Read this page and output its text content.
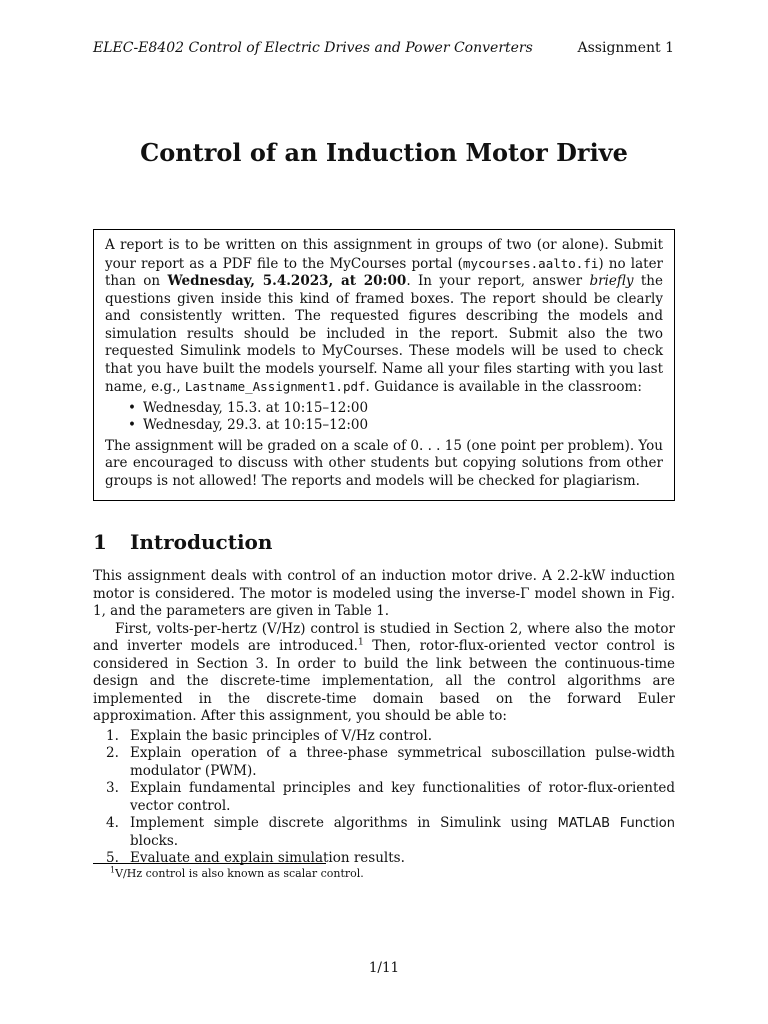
ELEC-E8402 Control of Electric Drives and Power Converters	Assignment 1
Control of an Induction Motor Drive

A report is to be written on this assignment in groups of two (or alone). Submit your report as a PDF file to the MyCourses portal (mycourses.aalto.fi) no later than on Wednesday, 5.4.2023, at 20:00. In your report, answer briefly the questions given inside this kind of framed boxes. The report should be clearly and consistently written. The requested figures describing the models and simulation results should be included in the report. Submit also the two requested Simulink models to MyCourses. These models will be used to check that you have built the models yourself. Name all your files starting with you last name, e.g., Lastname_Assignment1.pdf. Guidance is available in the classroom:

• Wednesday, 15.3. at 10:15–12:00
• Wednesday, 29.3. at 10:15–12:00

The assignment will be graded on a scale of 0. . . 15 (one point per problem). You are encouraged to discuss with other students but copying solutions from other groups is not allowed! The reports and models will be checked for plagiarism.

1	Introduction

This assignment deals with control of an induction motor drive. A 2.2-kW induction motor is considered. The motor is modeled using the inverse-Γ model shown in Fig. 1, and the parameters are given in Table 1.

First, volts-per-hertz (V/Hz) control is studied in Section 2, where also the motor and inverter models are introduced.$^1$ Then, rotor-flux-oriented vector control is considered in Section 3. In order to build the link between the continuous-time design and the discrete-time implementation, all the control algorithms are implemented in the discrete-time domain based on the forward Euler approximation. After this assignment, you should be able to:

1. Explain the basic principles of V/Hz control.
2. Explain operation of a three-phase symmetrical suboscillation pulse-width modulator (PWM).
3. Explain fundamental principles and key functionalities of rotor-flux-oriented vector control.
4. Implement simple discrete algorithms in Simulink using MATLAB Function blocks.
5. Evaluate and explain simulation results.
$^1$V/Hz control is also known as scalar control.
1/11
